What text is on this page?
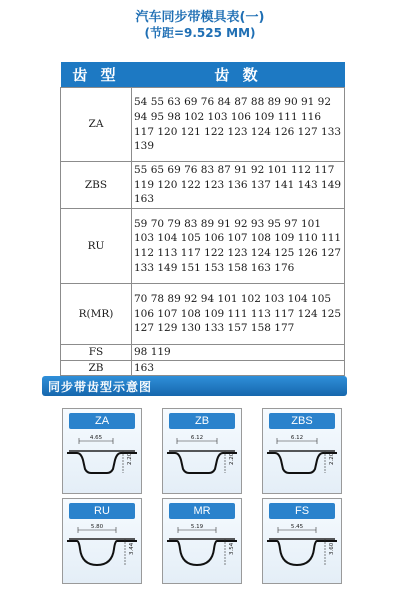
汽车同步带模具表(一)
(节距=9.525 MM)
齿 型	齿 数
ZA	54 55 63 69 76 84 87 88 89 90 91 92 94 95 98 102 103 106 109 111 116 117 120 121 122 123 124 126 127 133 139
ZBS	55 65 69 76 83 87 91 92 101 112 117 119 120 122 123 136 137 141 143 149 163
RU	59 70 79 83 89 91 92 93 95 97 101 103 104 105 106 107 108 109 110 111 112 113 117 122 123 124 125 126 127 133 149 151 153 158 163 176
R(MR)	70 78 89 92 94 101 102 103 104 105 106 107 108 109 111 113 117 124 125 127 129 130 133 157 158 177
FS	98 119
ZB	163
同步带齿型示意图
ZA
4.65
2.20
ZB
6.12
2.20
ZBS
6.12
2.20
RU
5.80
3.44
MR
5.19
3.54
FS
5.45
3.60
